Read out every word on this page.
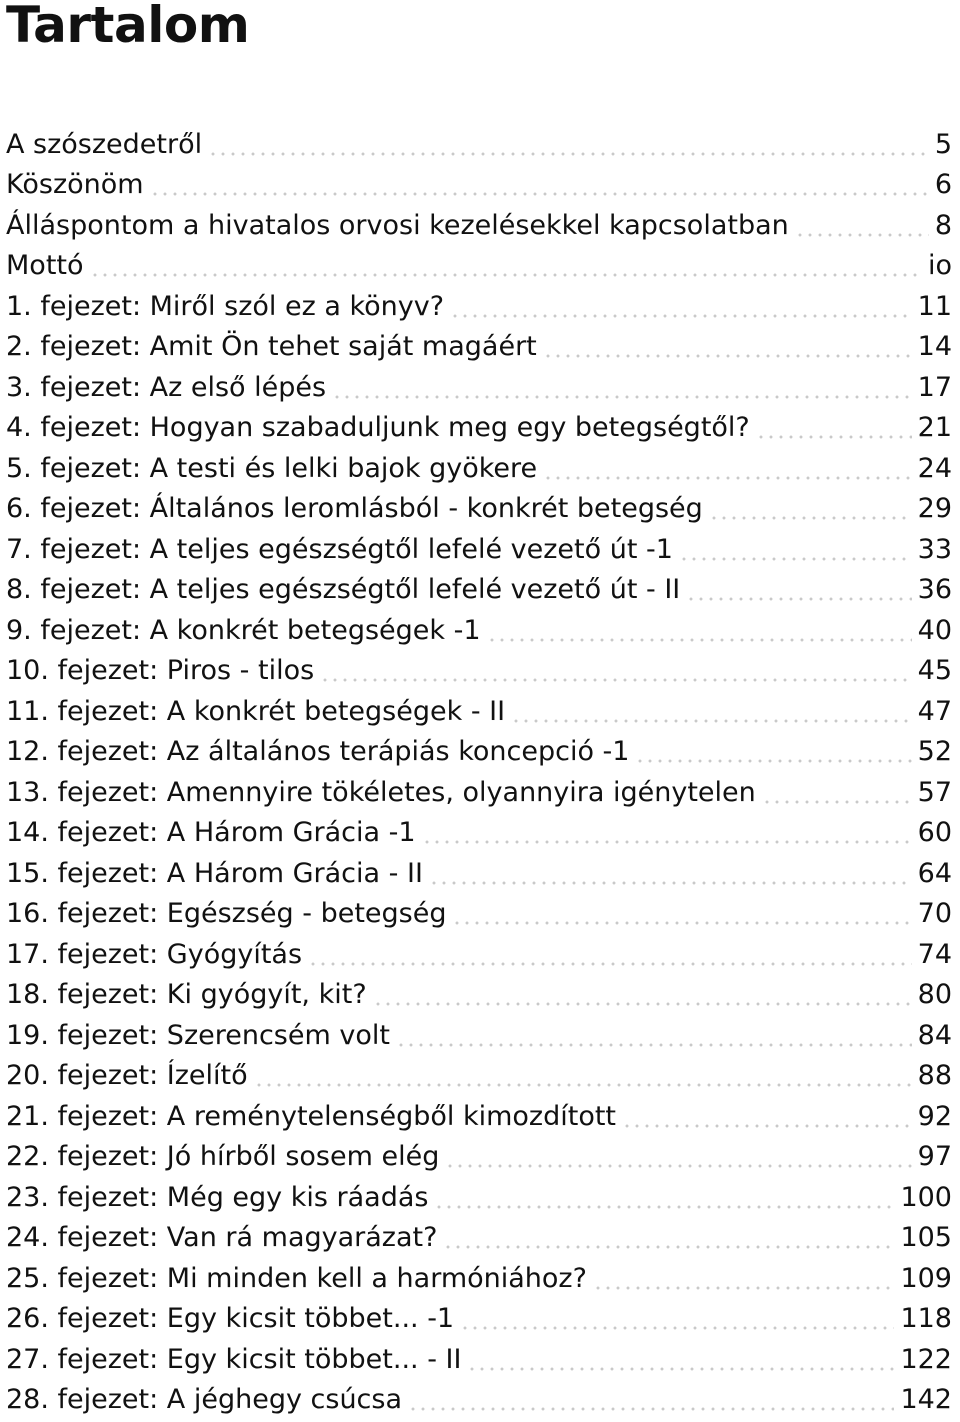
Tartalom
A szószedetről	5
Köszönöm	6
Álláspontom a hivatalos orvosi kezelésekkel kapcsolatban	8
Mottó	io
1. fejezet: Miről szól ez a könyv?	11
2. fejezet: Amit Ön tehet saját magáért	14
3. fejezet: Az első lépés	17
4. fejezet: Hogyan szabaduljunk meg egy betegségtől?	21
5. fejezet: A testi és lelki bajok gyökere	24
6. fejezet: Általános leromlásból - konkrét betegség	29
7. fejezet: A teljes egészségtől lefelé vezető út -1	33
8. fejezet: A teljes egészségtől lefelé vezető út - II	36
9. fejezet: A konkrét betegségek -1	40
10. fejezet: Piros - tilos	45
11. fejezet: A konkrét betegségek - II	47
12. fejezet: Az általános terápiás koncepció -1	52
13. fejezet: Amennyire tökéletes, olyannyira igénytelen	57
14. fejezet: A Három Grácia -1	60
15. fejezet: A Három Grácia - II	64
16. fejezet: Egészség - betegség	70
17. fejezet: Gyógyítás	74
18. fejezet: Ki gyógyít, kit?	80
19. fejezet: Szerencsém volt	84
20. fejezet: Ízelítő	88
21. fejezet: A reménytelenségből kimozdított	92
22. fejezet: Jó hírből sosem elég	97
23. fejezet: Még egy kis ráadás	100
24. fejezet: Van rá magyarázat?	105
25. fejezet: Mi minden kell a harmóniához?	109
26. fejezet: Egy kicsit többet... -1	118
27. fejezet: Egy kicsit többet... - II	122
28. fejezet: A jéghegy csúcsa	142
